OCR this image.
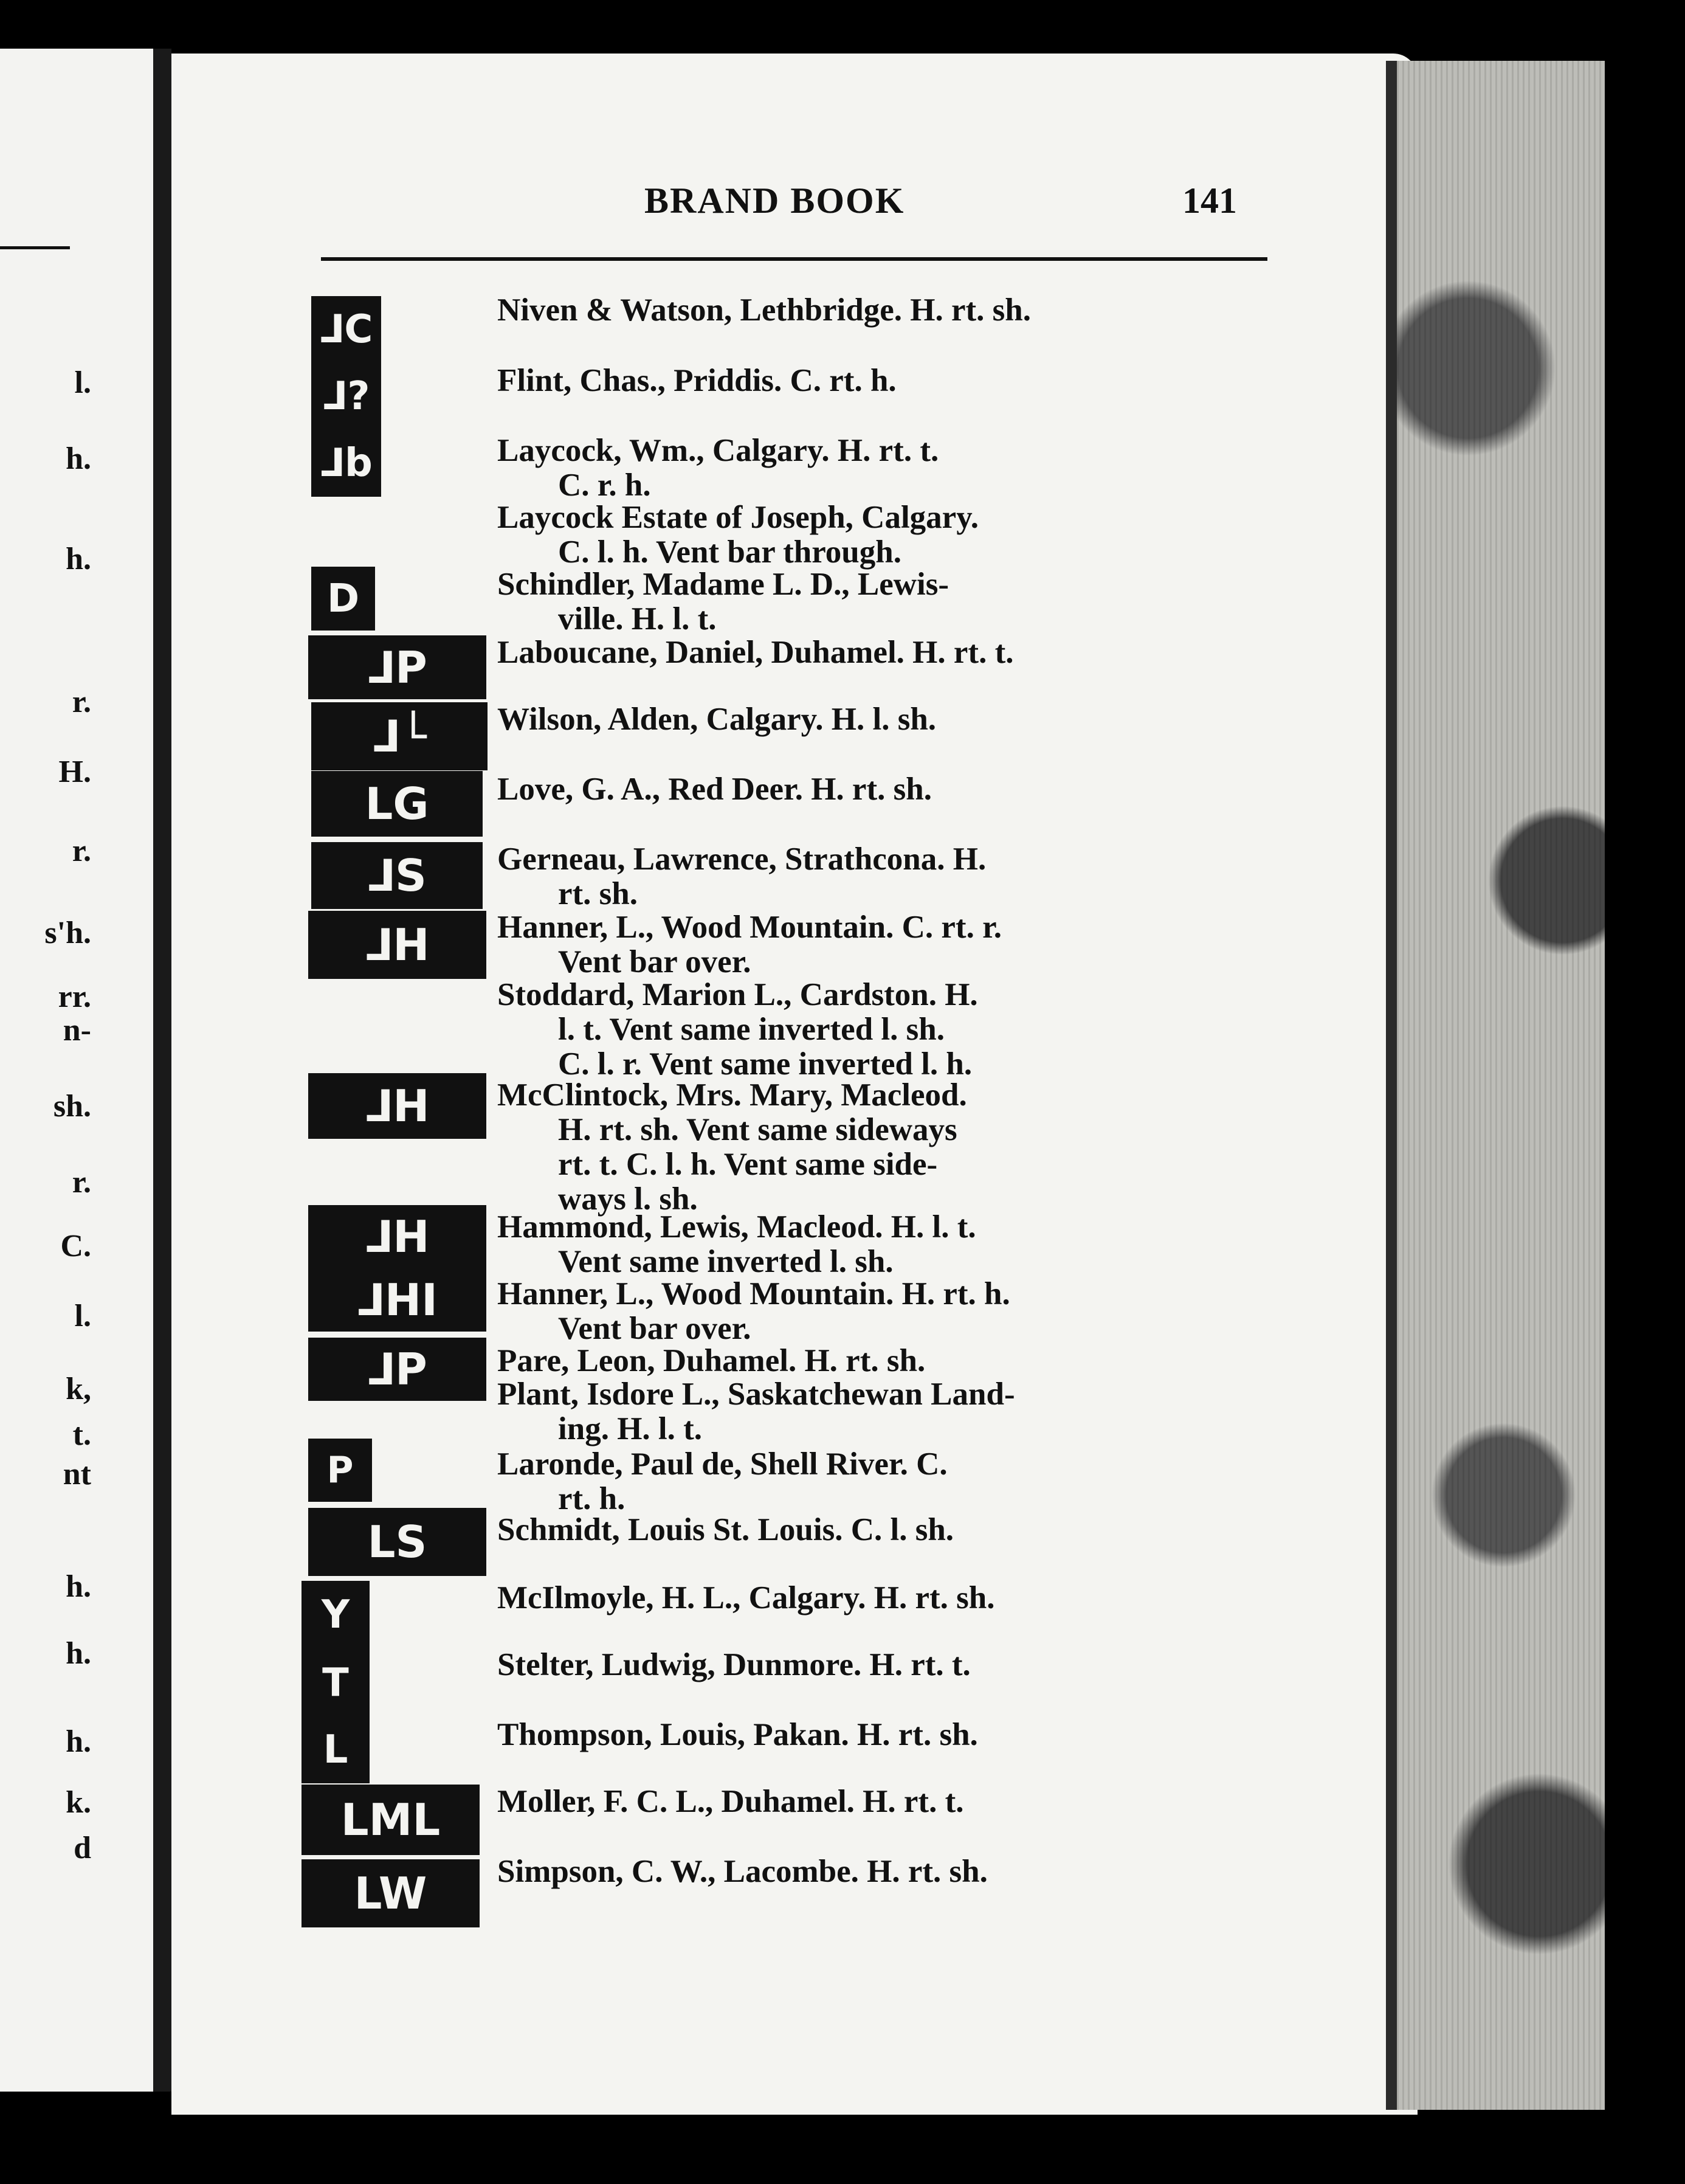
l.
h.
h.
r.
H.
r.
s'h.
rr.
n-
sh.
r.
C.
l.
k,
t.
nt
h.
h.
h.
k.
d
BRAND BOOK	141
⅃C
⅃?
⅃b
D
⅃P
⅃└
LG
⅃S
⅃H
⅃H
⅃H
⅃HI
⅃P
P
LS
Y
T
L
LML
LW
Niven & Watson, Lethbridge. H. rt. sh.
Flint, Chas., Priddis. C. rt. h.
Laycock, Wm., Calgary. H. rt. t.
C. r. h.
Laycock Estate of Joseph, Calgary.
C. l. h. Vent bar through.
Schindler, Madame L. D., Lewis-
ville. H. l. t.
Laboucane, Daniel, Duhamel. H. rt. t.
Wilson, Alden, Calgary. H. l. sh.
Love, G. A., Red Deer. H. rt. sh.
Gerneau, Lawrence, Strathcona. H.
rt. sh.
Hanner, L., Wood Mountain. C. rt. r.
Vent bar over.
Stoddard, Marion L., Cardston. H.
l. t. Vent same inverted l. sh.
C. l. r. Vent same inverted l. h.
McClintock, Mrs. Mary, Macleod.
H. rt. sh. Vent same sideways
rt. t. C. l. h. Vent same side-
ways l. sh.
Hammond, Lewis, Macleod. H. l. t.
Vent same inverted l. sh.
Hanner, L., Wood Mountain. H. rt. h.
Vent bar over.
Pare, Leon, Duhamel. H. rt. sh.
Plant, Isdore L., Saskatchewan Land-
ing. H. l. t.
Laronde, Paul de, Shell River. C.
rt. h.
Schmidt, Louis St. Louis. C. l. sh.
McIlmoyle, H. L., Calgary. H. rt. sh.
Stelter, Ludwig, Dunmore. H. rt. t.
Thompson, Louis, Pakan. H. rt. sh.
Moller, F. C. L., Duhamel. H. rt. t.
Simpson, C. W., Lacombe. H. rt. sh.
